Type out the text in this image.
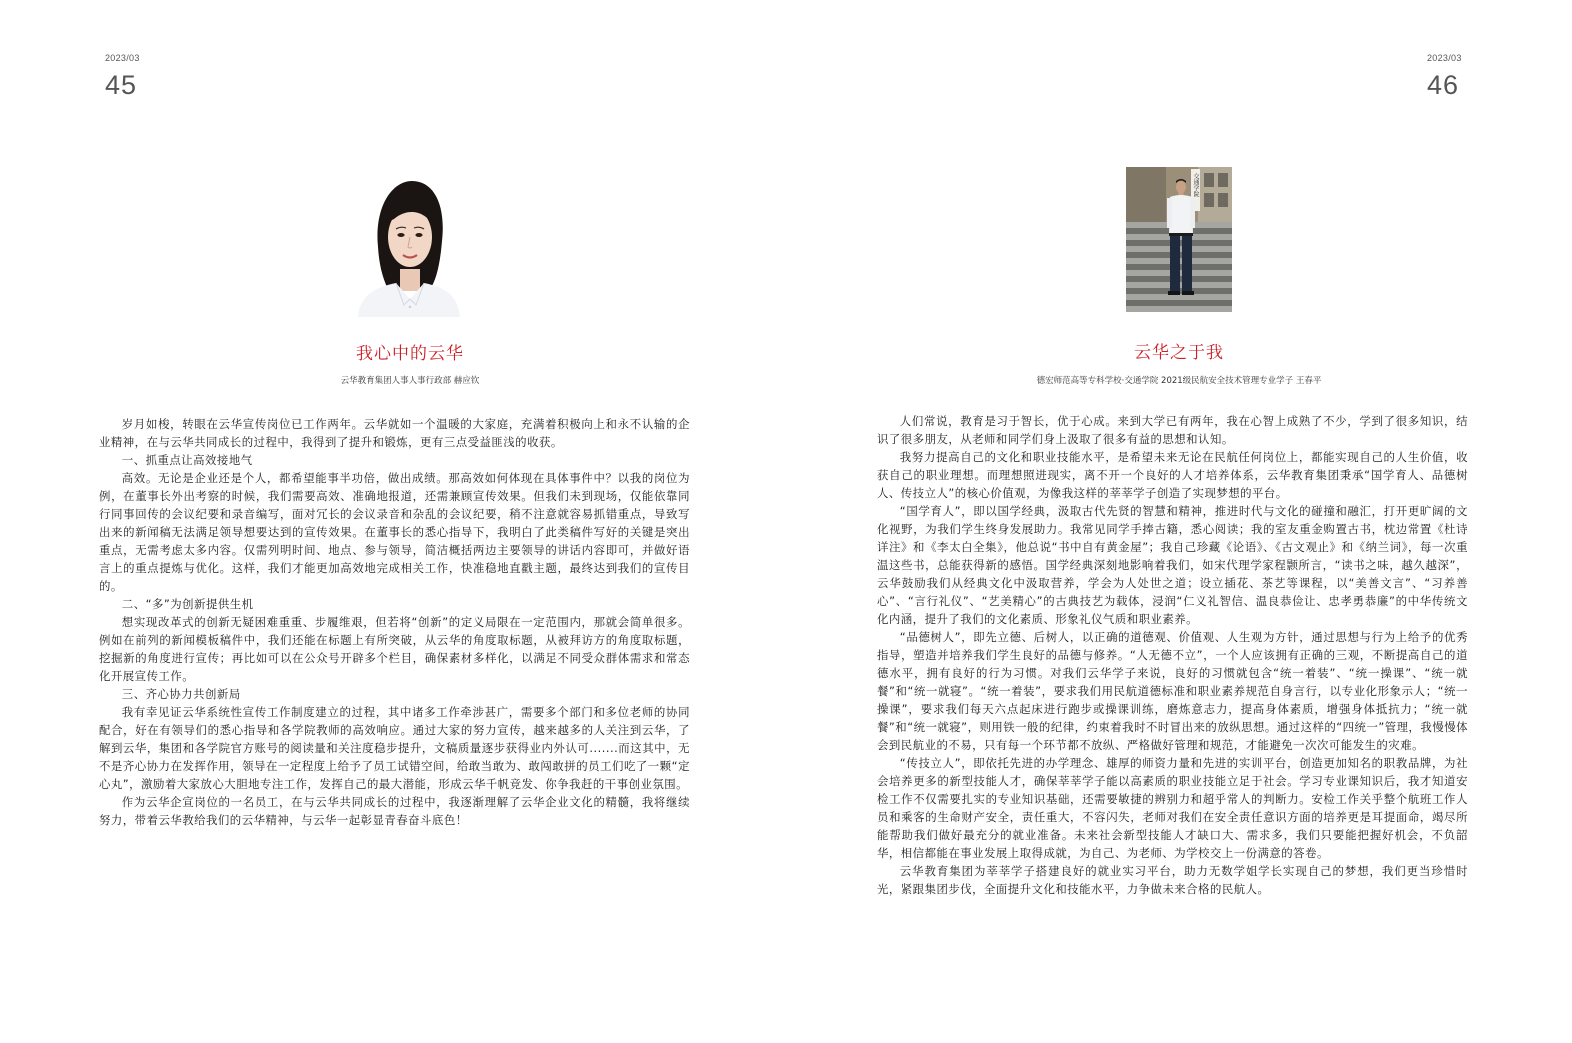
2023/03
45
我心中的云华
云华教育集团人事人事行政部 赫应钦

岁月如梭，转眼在云华宣传岗位已工作两年。云华就如一个温暖的大家庭，充满着积极向上和永不认输的企业精神，在与云华共同成长的过程中，我得到了提升和锻炼，更有三点受益匪浅的收获。

一、抓重点让高效接地气

高效。无论是企业还是个人，都希望能事半功倍，做出成绩。那高效如何体现在具体事件中？以我的岗位为例，在董事长外出考察的时候，我们需要高效、准确地报道，还需兼顾宣传效果。但我们未到现场，仅能依靠同行同事回传的会议纪要和录音编写，面对冗长的会议录音和杂乱的会议纪要，稍不注意就容易抓错重点，导致写出来的新闻稿无法满足领导想要达到的宣传效果。在董事长的悉心指导下，我明白了此类稿件写好的关键是突出重点，无需考虑太多内容。仅需列明时间、地点、参与领导，简洁概括两边主要领导的讲话内容即可，并做好语言上的重点提炼与优化。这样，我们才能更加高效地完成相关工作，快准稳地直戳主题，最终达到我们的宣传目的。

二、“多”为创新提供生机

想实现改革式的创新无疑困难重重、步履维艰，但若将“创新”的定义局限在一定范围内，那就会简单很多。例如在前列的新闻模板稿件中，我们还能在标题上有所突破，从云华的角度取标题，从被拜访方的角度取标题，挖掘新的角度进行宣传；再比如可以在公众号开辟多个栏目，确保素材多样化，以满足不同受众群体需求和常态化开展宣传工作。

三、齐心协力共创新局

我有幸见证云华系统性宣传工作制度建立的过程，其中诸多工作牵涉甚广，需要多个部门和多位老师的协同配合，好在有领导们的悉心指导和各学院教师的高效响应。通过大家的努力宣传，越来越多的人关注到云华，了解到云华，集团和各学院官方账号的阅读量和关注度稳步提升，文稿质量逐步获得业内外认可.......而这其中，无不是齐心协力在发挥作用，领导在一定程度上给予了员工试错空间，给敢当敢为、敢闯敢拼的员工们吃了一颗“定心丸”，激励着大家放心大胆地专注工作，发挥自己的最大潜能，形成云华千帆竞发、你争我赶的干事创业氛围。

作为云华企宣岗位的一名员工，在与云华共同成长的过程中，我逐渐理解了云华企业文化的精髓，我将继续努力，带着云华教给我们的云华精神，与云华一起彰显青春奋斗底色！

2023/03
46
交通学院
云华之于我
德宏师范高等专科学校·交通学院 2021级民航安全技术管理专业学子 王春平

人们常说，教育是习于智长，优于心成。来到大学已有两年，我在心智上成熟了不少，学到了很多知识，结识了很多朋友，从老师和同学们身上汲取了很多有益的思想和认知。

我努力提高自己的文化和职业技能水平，是希望未来无论在民航任何岗位上，都能实现自己的人生价值，收获自己的职业理想。而理想照进现实，离不开一个良好的人才培养体系，云华教育集团秉承“国学育人、品德树人、传技立人”的核心价值观，为像我这样的莘莘学子创造了实现梦想的平台。

“国学育人”，即以国学经典，汲取古代先贤的智慧和精神，推进时代与文化的碰撞和融汇，打开更旷阔的文化视野，为我们学生终身发展助力。我常见同学手捧古籍，悉心阅读；我的室友重金购置古书，枕边常置《杜诗详注》和《李太白全集》，他总说“书中自有黄金屋”；我自己珍藏《论语》、《古文观止》和《纳兰词》，每一次重温这些书，总能获得新的感悟。国学经典深刻地影响着我们，如宋代理学家程颢所言，“读书之味，越久越深”，云华鼓励我们从经典文化中汲取营养，学会为人处世之道；设立插花、茶艺等课程，以“美善文言”、“习养善心”、“言行礼仪”、“艺美精心”的古典技艺为载体，浸润“仁义礼智信、温良恭俭让、忠孝勇恭廉”的中华传统文化内涵，提升了我们的文化素质、形象礼仪气质和职业素养。

“品德树人”，即先立德、后树人，以正确的道德观、价值观、人生观为方针，通过思想与行为上给予的优秀指导，塑造并培养我们学生良好的品德与修养。“人无德不立”，一个人应该拥有正确的三观，不断提高自己的道德水平，拥有良好的行为习惯。对我们云华学子来说，良好的习惯就包含“统一着装”、“统一操课”、“统一就餐”和“统一就寝”。“统一着装”，要求我们用民航道德标准和职业素养规范自身言行，以专业化形象示人；“统一操课”，要求我们每天六点起床进行跑步或操课训练，磨炼意志力，提高身体素质，增强身体抵抗力；“统一就餐”和“统一就寝”，则用铁一般的纪律，约束着我时不时冒出来的放纵思想。通过这样的“四统一”管理，我慢慢体会到民航业的不易，只有每一个环节都不放纵、严格做好管理和规范，才能避免一次次可能发生的灾难。

“传技立人”，即依托先进的办学理念、雄厚的师资力量和先进的实训平台，创造更加知名的职教品牌，为社会培养更多的新型技能人才，确保莘莘学子能以高素质的职业技能立足于社会。学习专业课知识后，我才知道安检工作不仅需要扎实的专业知识基础，还需要敏捷的辨别力和超乎常人的判断力。安检工作关乎整个航班工作人员和乘客的生命财产安全，责任重大，不容闪失，老师对我们在安全责任意识方面的培养更是耳提面命，竭尽所能帮助我们做好最充分的就业准备。未来社会新型技能人才缺口大、需求多，我们只要能把握好机会，不负韶华，相信都能在事业发展上取得成就，为自己、为老师、为学校交上一份满意的答卷。

云华教育集团为莘莘学子搭建良好的就业实习平台，助力无数学姐学长实现自己的梦想，我们更当珍惜时光，紧跟集团步伐，全面提升文化和技能水平，力争做未来合格的民航人。
